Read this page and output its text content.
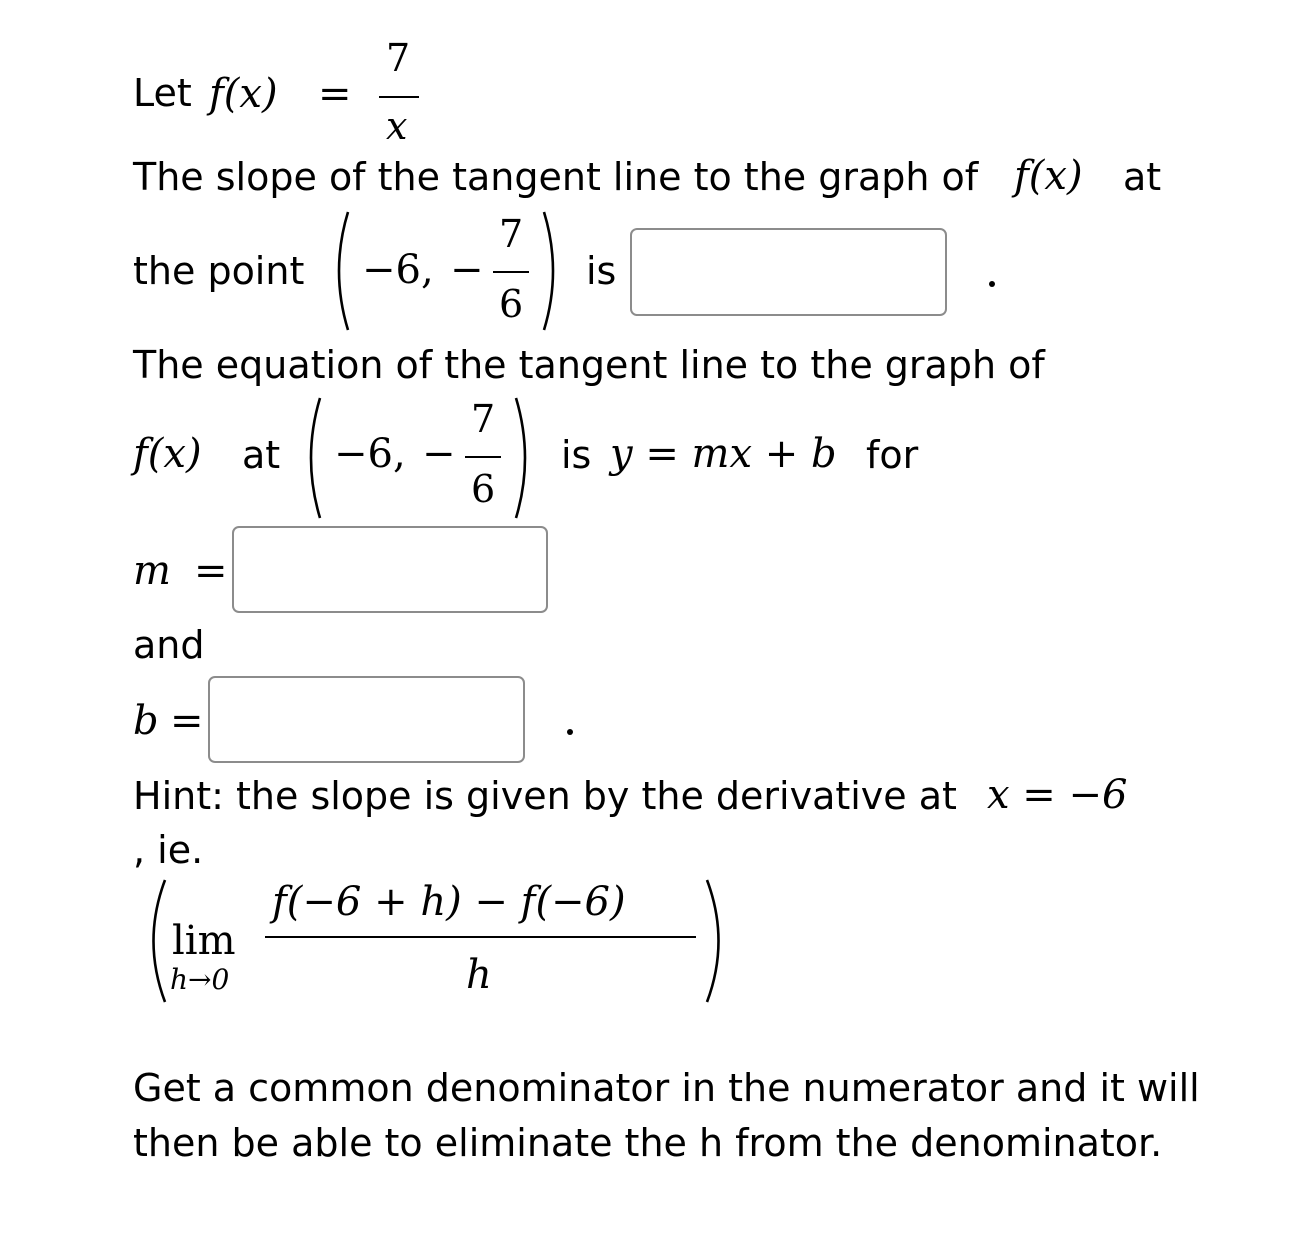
Let f(x) =
7
x
The slope of the tangent line to the graph of f(x) at
the point −6, −
7
6
is
The equation of the tangent line to the graph of
f(x) at −6, −
7
6
is y = mx + b for
m =
and
b =
Hint: the slope is given by the derivative at x = −6
, ie.
lim
h→0
f(−6 + h) − f(−6)
h
Get a common denominator in the numerator and it will then be able to eliminate the h from the denominator.
